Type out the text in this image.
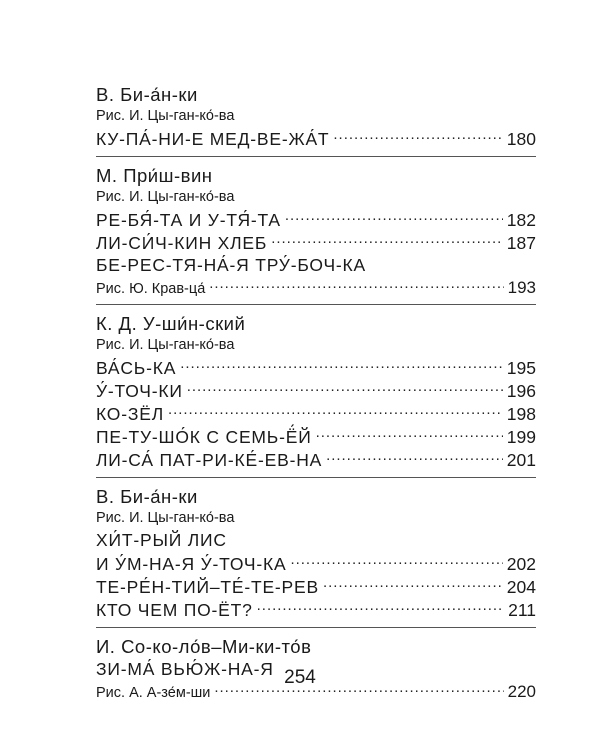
В. Би-а́н-ки
Рис. И. Цы-ган-ко́-ва
КУ-ПА́-НИ-Е МЕД-ВЕ-ЖА́Т . . .	180
М. При́ш-вин
Рис. И. Цы-ган-ко́-ва
РЕ-БЯ́-ТА И У-ТЯ́-ТА . . .	182
ЛИ-СИ́Ч-КИН ХЛЕБ . . .	187
БЕ-РЕС-ТЯ-НА́-Я ТРУ́-БОЧ-КА
Рис. Ю. Крав-ца́ . . .	193
К. Д. У-ши́н-ский
Рис. И. Цы-ган-ко́-ва
ВА́СЬ-КА . . .	195
У́-ТОЧ-КИ . . .	196
КО-ЗЁЛ . . .	198
ПЕ-ТУ-ШО́К С СЕМЬ-Ё́Й . . .	199
ЛИ-СА́ ПАТ-РИ-КЕ́-ЕВ-НА . . .	201
В. Би-а́н-ки
Рис. И. Цы-ган-ко́-ва
ХИ́Т-РЫЙ ЛИС
И У́М-НА-Я У́-ТОЧ-КА . . .	202
ТЕ-РЕ́Н-ТИЙ–ТЕ́-ТЕ-РЕВ . . .	204
КТО ЧЕМ ПО-ЁТ? . . .	211
И. Со-ко-ло́в–Ми-ки-то́в
ЗИ-МА́ ВЬЮ́Ж-НА-Я
Рис. А. А-зе́м-ши . . .	220
254
